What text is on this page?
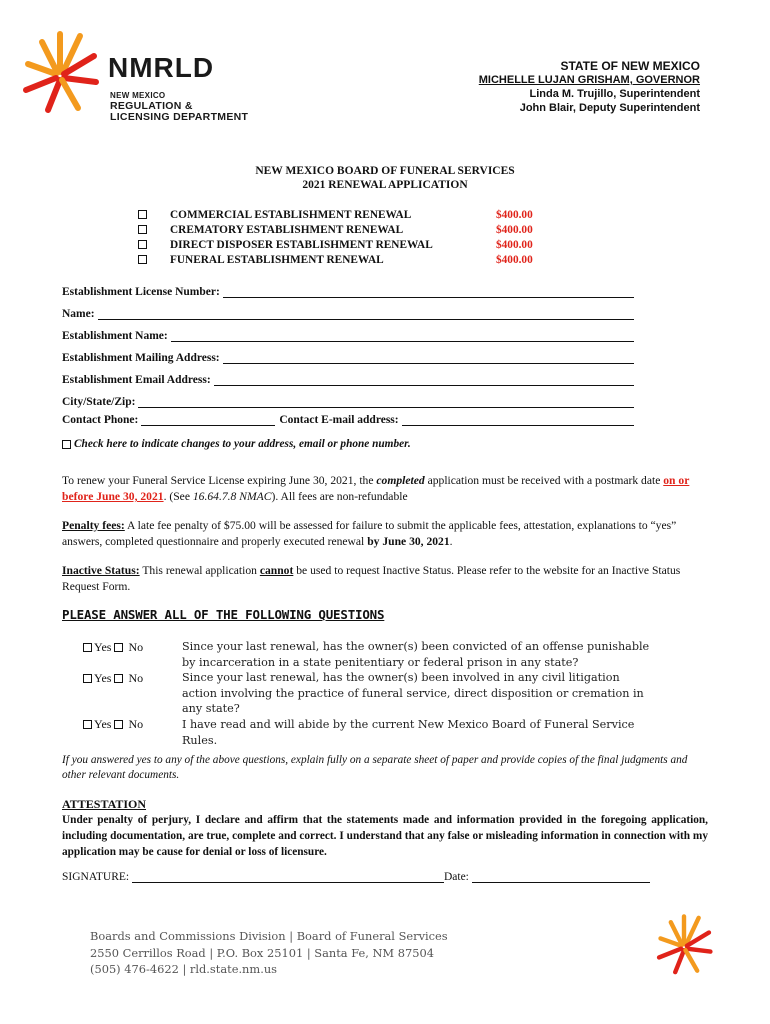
NMRLD
NEW MEXICO
REGULATION &
LICENSING DEPARTMENT
STATE OF NEW MEXICO
MICHELLE LUJAN GRISHAM, GOVERNOR
Linda M. Trujillo, Superintendent
John Blair, Deputy Superintendent
NEW MEXICO BOARD OF FUNERAL SERVICES
2021 RENEWAL APPLICATION
COMMERCIAL ESTABLISHMENT RENEWAL	$400.00
CREMATORY ESTABLISHMENT RENEWAL	$400.00
DIRECT DISPOSER ESTABLISHMENT RENEWAL	$400.00
FUNERAL ESTABLISHMENT RENEWAL	$400.00
Establishment License Number:
Name:
Establishment Name:
Establishment Mailing Address:
Establishment Email Address:
City/State/Zip:
Contact Phone:	Contact E-mail address:
Check here to indicate changes to your address, email or phone number.
To renew your Funeral Service License expiring June 30, 2021, the completed application must be received with a postmark date on or before June 30, 2021. (See 16.64.7.8 NMAC). All fees are non-refundable
Penalty fees: A late fee penalty of $75.00 will be assessed for failure to submit the applicable fees, attestation, explanations to “yes” answers, completed questionnaire and properly executed renewal by June 30, 2021.
Inactive Status: This renewal application cannot be used to request Inactive Status. Please refer to the website for an Inactive Status Request Form.
PLEASE ANSWER ALL OF THE FOLLOWING QUESTIONS
Yes

No	Since your last renewal, has the owner(s) been convicted of an offense punishable by incarceration in a state penitentiary or federal prison in any state?
Yes

No	Since your last renewal, has the owner(s) been involved in any civil litigation action involving the practice of funeral service, direct disposition or cremation in any state?
Yes

No	I have read and will abide by the current New Mexico Board of Funeral Service Rules.
If you answered yes to any of the above questions, explain fully on a separate sheet of paper and provide copies of the final judgments and other relevant documents.
ATTESTATION
Under penalty of perjury, I declare and affirm that the statements made and information provided in the foregoing application, including documentation, are true, complete and correct. I understand that any false or misleading information in connection with my application may be cause for denial or loss of licensure.
SIGNATURE:
	Date:
Boards and Commissions Division | Board of Funeral Services
2550 Cerrillos Road | P.O. Box 25101 | Santa Fe, NM 87504
(505) 476-4622 | rld.state.nm.us
